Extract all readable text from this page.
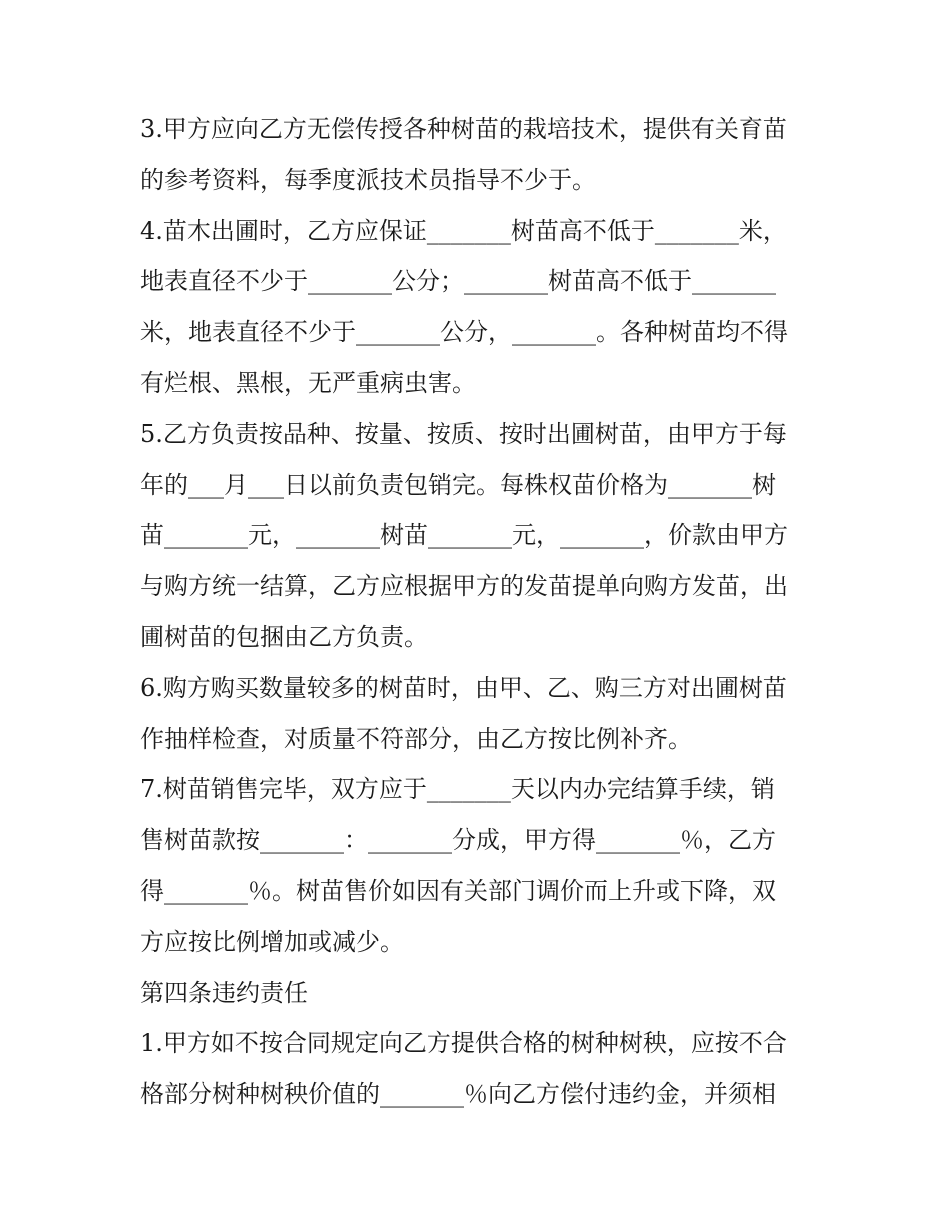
3.甲方应向乙方无偿传授各种树苗的栽培技术，提供有关育苗
的参考资料，每季度派技术员指导不少于。
4.苗木出圃时，乙方应保证_______树苗高不低于_______米，
地表直径不少于_______公分；_______树苗高不低于_______
米，地表直径不少于_______公分，_______。各种树苗均不得
有烂根、黑根，无严重病虫害。
5.乙方负责按品种、按量、按质、按时出圃树苗，由甲方于每
年的___月___日以前负责包销完。每株权苗价格为_______树
苗_______元，_______树苗_______元，_______，价款由甲方
与购方统一结算，乙方应根据甲方的发苗提单向购方发苗，出
圃树苗的包捆由乙方负责。
6.购方购买数量较多的树苗时，由甲、乙、购三方对出圃树苗
作抽样检查，对质量不符部分，由乙方按比例补齐。
7.树苗销售完毕，双方应于_______天以内办完结算手续，销
售树苗款按_______：_______分成，甲方得_______％，乙方
得_______％。树苗售价如因有关部门调价而上升或下降，双
方应按比例增加或减少。
第四条违约责任
1.甲方如不按合同规定向乙方提供合格的树种树秧，应按不合
格部分树种树秧价值的_______％向乙方偿付违约金，并须相
